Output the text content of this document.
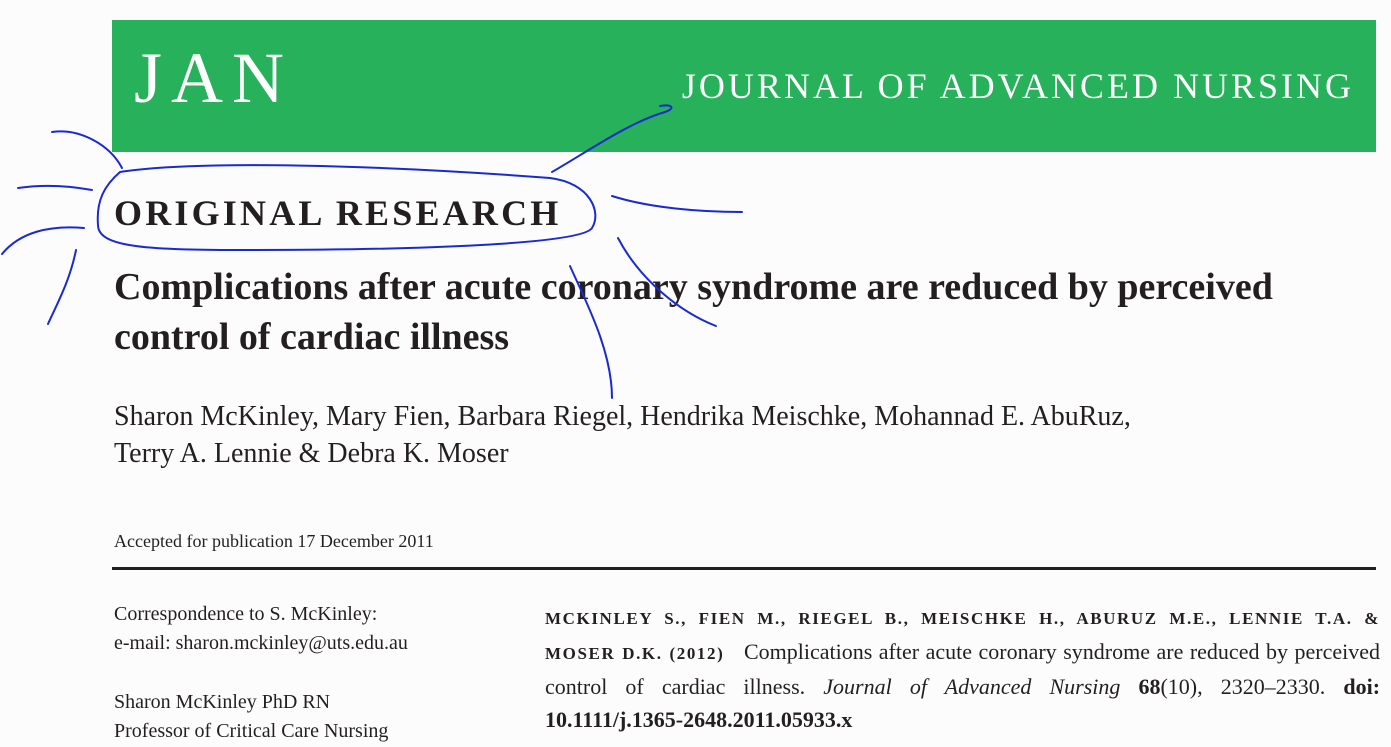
JAN	JOURNAL OF ADVANCED NURSING
ORIGINAL RESEARCH
Complications after acute coronary syndrome are reduced by perceived
control of cardiac illness
Sharon McKinley, Mary Fien, Barbara Riegel, Hendrika Meischke, Mohannad E. AbuRuz,
Terry A. Lennie & Debra K. Moser
Accepted for publication 17 December 2011
Correspondence to S. McKinley:
e-mail: sharon.mckinley@uts.edu.au
Sharon McKinley PhD RN
Professor of Critical Care Nursing
MCKINLEY S., FIEN M., RIEGEL B., MEISCHKE H., ABURUZ M.E., LENNIE T.A. & MOSER D.K. (2012) Complications after acute coronary syndrome are reduced by perceived control of cardiac illness. Journal of Advanced Nursing 68(10), 2320–2330. doi: 10.1111/j.1365-2648.2011.05933.x
